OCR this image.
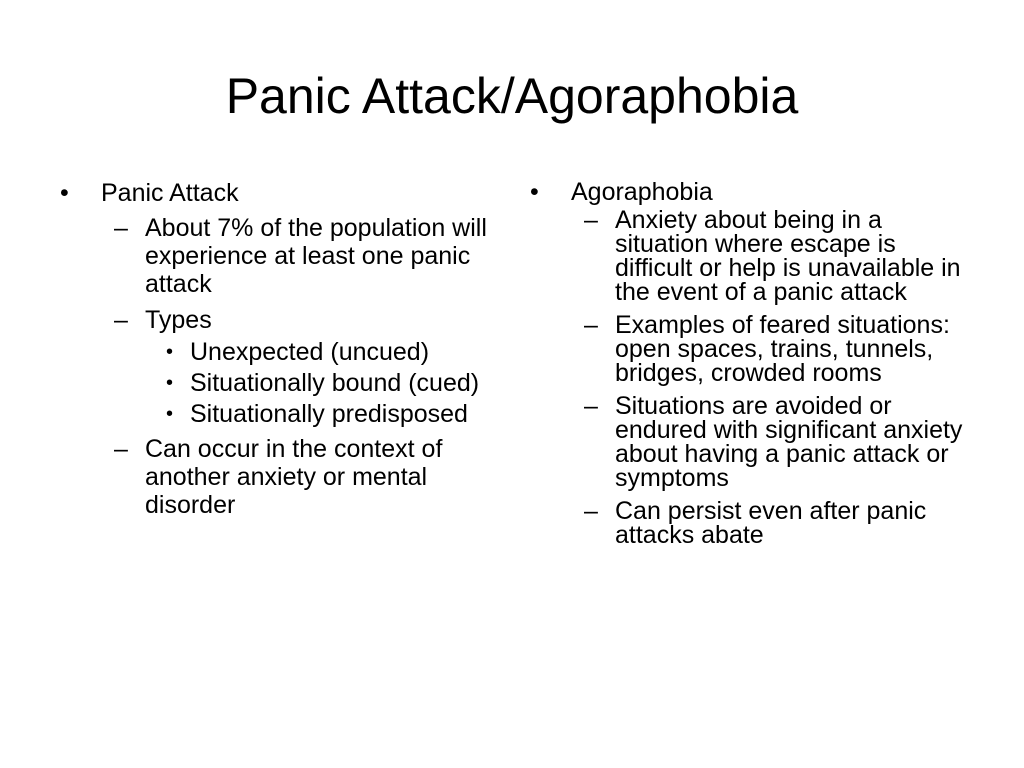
Panic Attack/Agoraphobia
• Panic Attack
– About 7% of the population will experience at least one panic attack
– Types
• Unexpected (uncued)
• Situationally bound (cued)
• Situationally predisposed
– Can occur in the context of another anxiety or mental disorder
• Agoraphobia
– Anxiety about being in a situation where escape is difficult or help is unavailable in the event of a panic attack
– Examples of feared situations: open spaces, trains, tunnels, bridges, crowded rooms
– Situations are avoided or endured with significant anxiety about having a panic attack or symptoms
– Can persist even after panic attacks abate
